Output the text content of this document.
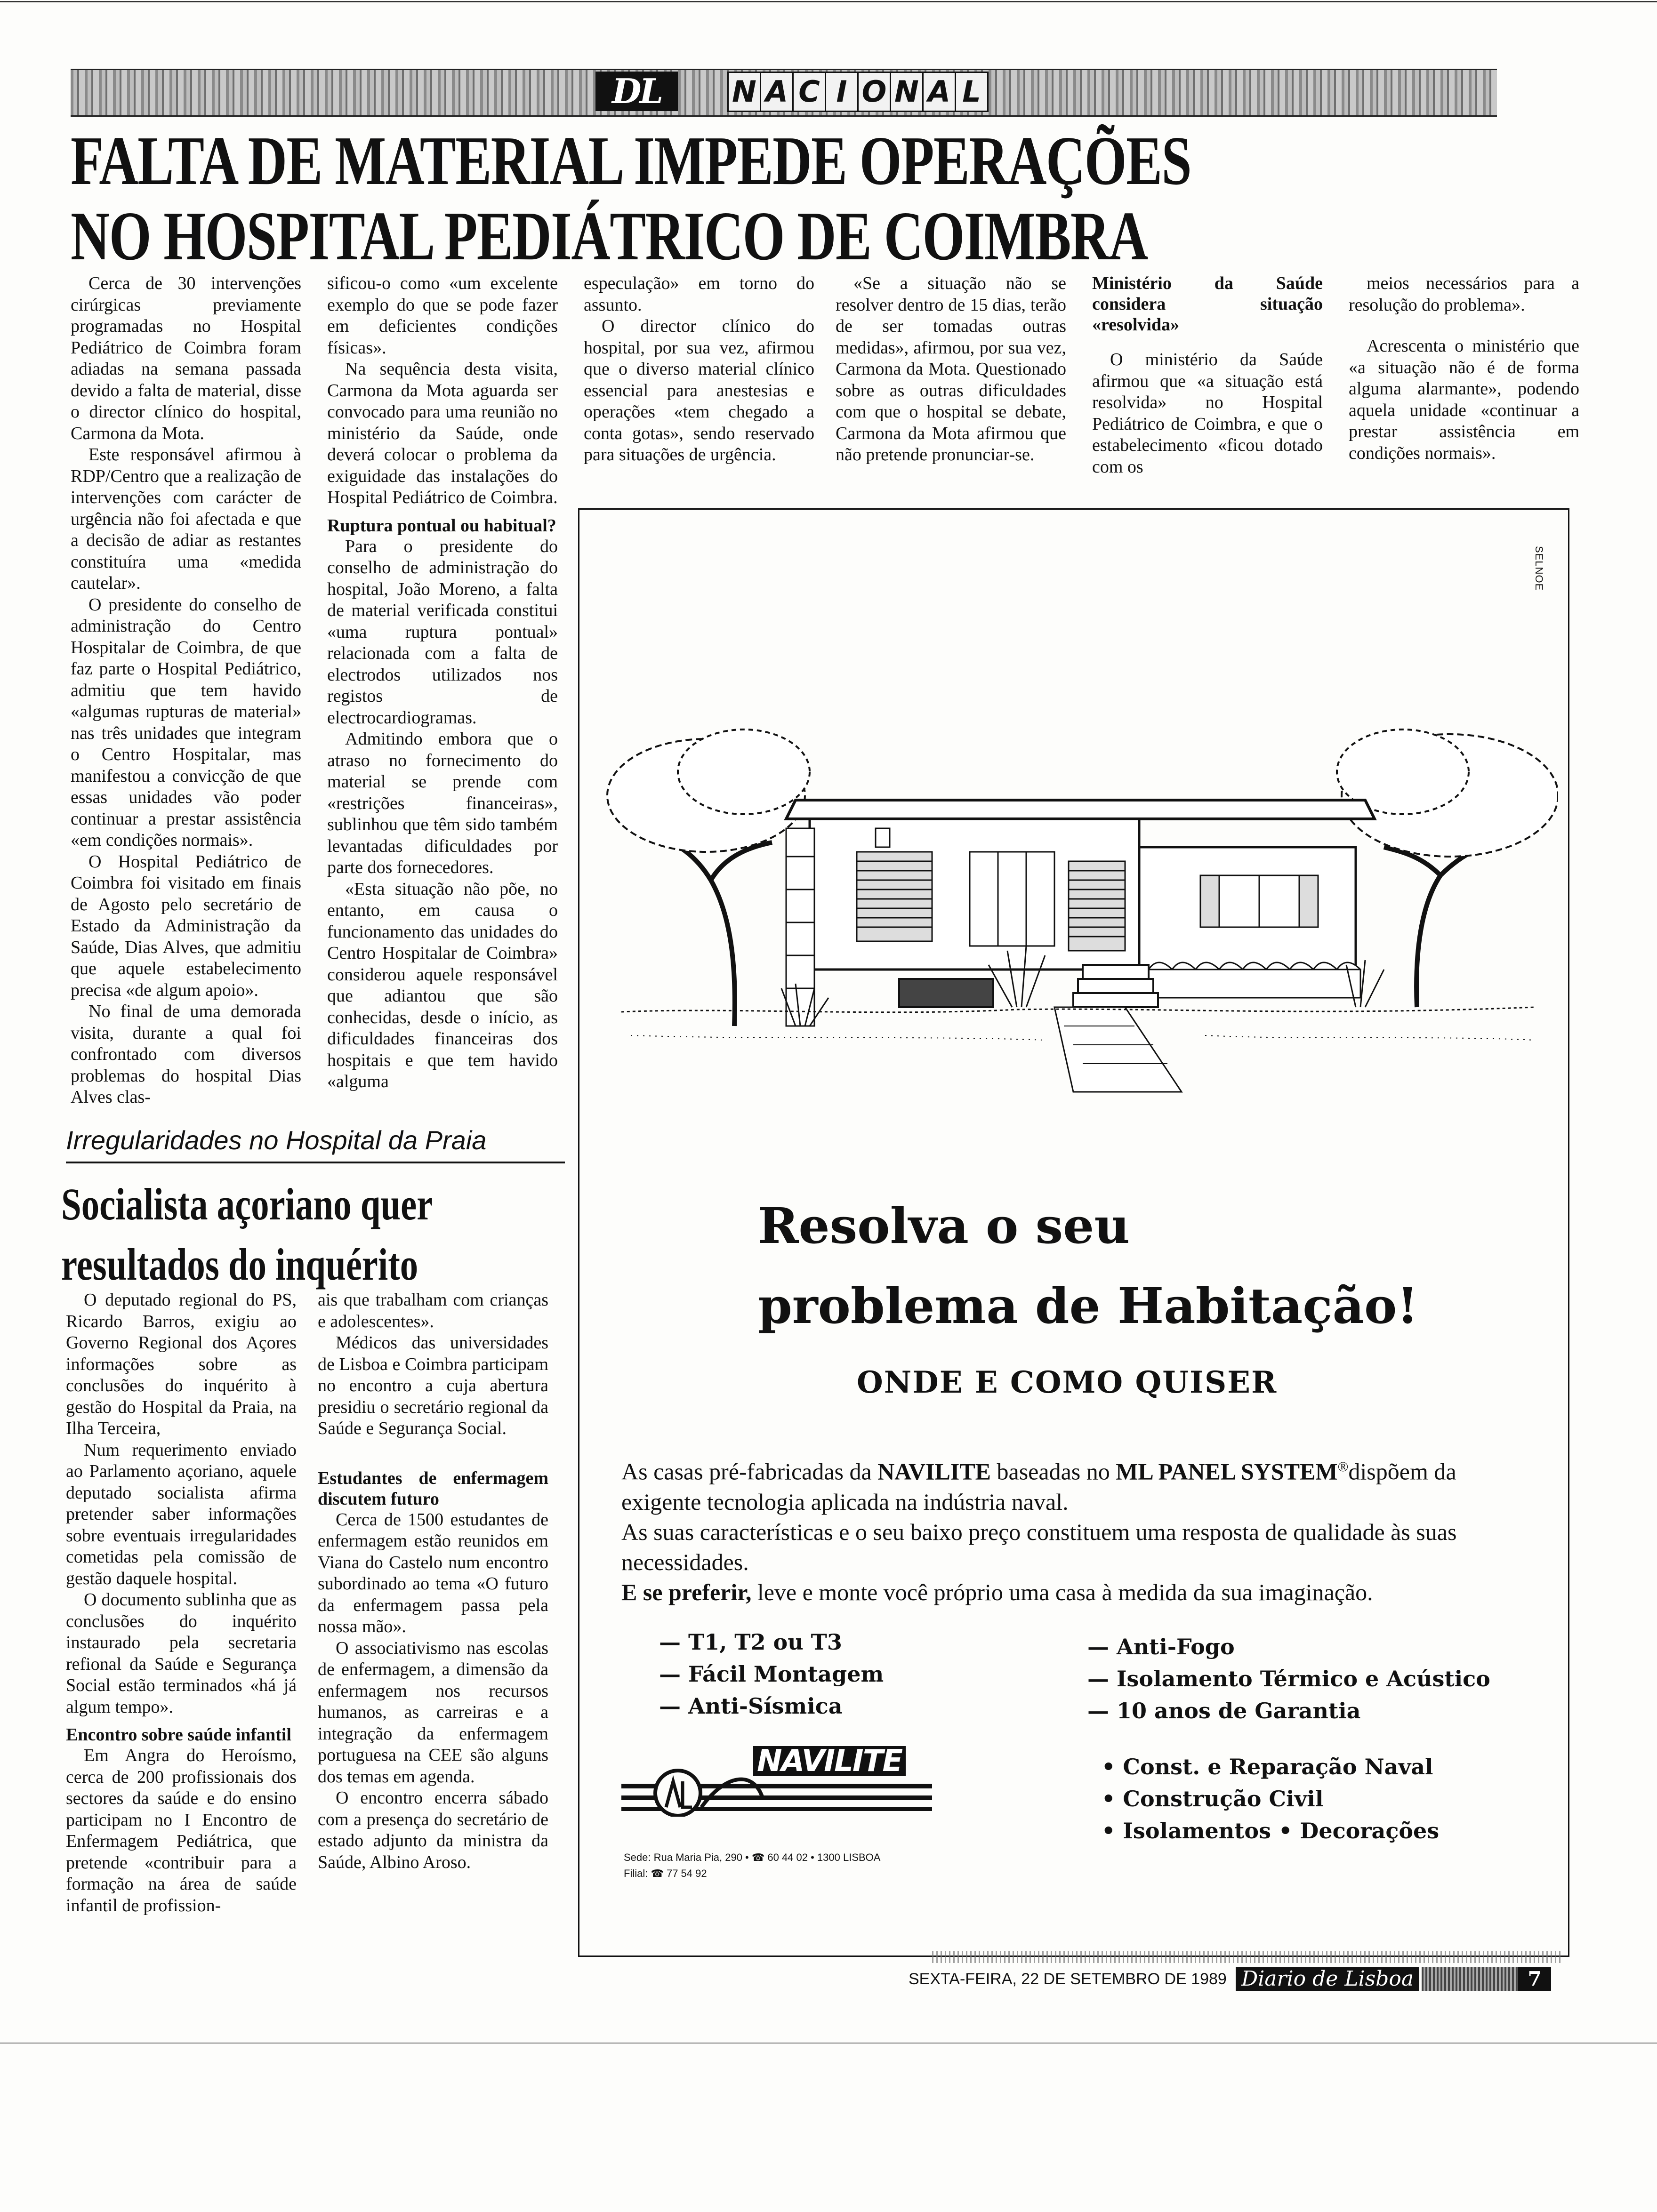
DL	N A C I O N A L
FALTA DE MATERIAL IMPEDE OPERAÇÕES
NO HOSPITAL PEDIÁTRICO DE COIMBRA

Cerca de 30 intervenções cirúrgicas previamente programadas no Hospital Pediátrico de Coimbra foram adiadas na semana passada devido a falta de material, disse o director clínico do hospital, Carmona da Mota.

Este responsável afirmou à RDP/Centro que a realização de intervenções com carácter de urgência não foi afectada e que a decisão de adiar as restantes constituíra uma «medida cautelar».

O presidente do conselho de administração do Centro Hospitalar de Coimbra, de que faz parte o Hospital Pediátrico, admitiu que tem havido «algumas rupturas de material» nas três unidades que integram o Centro Hospitalar, mas manifestou a convicção de que essas unidades vão poder continuar a prestar assistência «em condições normais».

O Hospital Pediátrico de Coimbra foi visitado em finais de Agosto pelo secretário de Estado da Administração da Saúde, Dias Alves, que admitiu que aquele estabelecimento precisa «de algum apoio».

No final de uma demorada visita, durante a qual foi confrontado com diversos problemas do hospital Dias Alves clas-

sificou-o como «um excelente exemplo do que se pode fazer em deficientes condições físicas».

Na sequência desta visita, Carmona da Mota aguarda ser convocado para uma reunião no ministério da Saúde, onde deverá colocar o problema da exiguidade das instalações do Hospital Pediátrico de Coimbra.

Ruptura pontual ou habitual?

Para o presidente do conselho de administração do hospital, João Moreno, a falta de material verificada constitui «uma ruptura pontual» relacionada com a falta de electrodos utilizados nos registos de electrocardiogramas.

Admitindo embora que o atraso no fornecimento do material se prende com «restrições financeiras», sublinhou que têm sido também levantadas dificuldades por parte dos fornecedores.

«Esta situação não põe, no entanto, em causa o funcionamento das unidades do Centro Hospitalar de Coimbra» considerou aquele responsável que adiantou que são conhecidas, desde o início, as dificuldades financeiras dos hospitais e que tem havido «alguma

especulação» em torno do assunto.

O director clínico do hospital, por sua vez, afirmou que o diverso material clínico essencial para anestesias e operações «tem chegado a conta gotas», sendo reservado para situações de urgência.

«Se a situação não se resolver dentro de 15 dias, terão de ser tomadas outras medidas», afirmou, por sua vez, Carmona da Mota. Questionado sobre as outras dificuldades com que o hospital se debate, Carmona da Mota afirmou que não pretende pronunciar-se.

Ministério da Saúde considera situação «resolvida»

O ministério da Saúde afirmou que «a situação está resolvida» no Hospital Pediátrico de Coimbra, e que o estabelecimento «ficou dotado com os

meios necessários para a resolução do problema».

Acrescenta o ministério que «a situação não é de forma alguma alarmante», podendo aquela unidade «continuar a prestar assistência em condições normais».

Irregularidades no Hospital da Praia
Socialista açoriano quer
resultados do inquérito

O deputado regional do PS, Ricardo Barros, exigiu ao Governo Regional dos Açores informações sobre as conclusões do inquérito à gestão do Hospital da Praia, na Ilha Terceira,

Num requerimento enviado ao Parlamento açoriano, aquele deputado socialista afirma pretender saber informações sobre eventuais irregularidades cometidas pela comissão de gestão daquele hospital.

O documento sublinha que as conclusões do inquérito instaurado pela secretaria refional da Saúde e Segurança Social estão terminados «há já algum tempo».

Encontro sobre saúde infantil

Em Angra do Heroísmo, cerca de 200 profissionais dos sectores da saúde e do ensino participam no I Encontro de Enfermagem Pediátrica, que pretende «contribuir para a formação na área de saúde infantil de profission-

ais que trabalham com crianças e adolescentes».

Médicos das universidades de Lisboa e Coimbra participam no encontro a cuja abertura presidiu o secretário regional da Saúde e Segurança Social.

Estudantes de enfermagem discutem futuro

Cerca de 1500 estudantes de enfermagem estão reunidos em Viana do Castelo num encontro subordinado ao tema «O futuro da enfermagem passa pela nossa mão».

O associativismo nas escolas de enfermagem, a dimensão da enfermagem nos recursos humanos, as carreiras e a integração da enfermagem portuguesa na CEE são alguns dos temas em agenda.

O encontro encerra sábado com a presença do secretário de estado adjunto da ministra da Saúde, Albino Aroso.

SELNOE
Resolva o seu
problema de Habitação!
ONDE E COMO QUISER
As casas pré-fabricadas da NAVILITE baseadas no ML PANEL SYSTEM®dispõem da exigente tecnologia aplicada na indústria naval.
As suas características e o seu baixo preço constituem uma resposta de qualidade às suas necessidades.
E se preferir, leve e monte você próprio uma casa à medida da sua imaginação.
— T1, T2 ou T3
— Fácil Montagem
— Anti-Sísmica
— Anti-Fogo
— Isolamento Térmico e Acústico
— 10 anos de Garantia
• Const. e Reparação Naval
• Construção Civil
• Isolamentos • Decorações
NAVILITE
Sede: Rua Maria Pia, 290 • ☎ 60 44 02 • 1300 LISBOA
Filial: ☎ 77 54 92
SEXTA-FEIRA, 22 DE SETEMBRO DE 1989 Diario de Lisboa	7
